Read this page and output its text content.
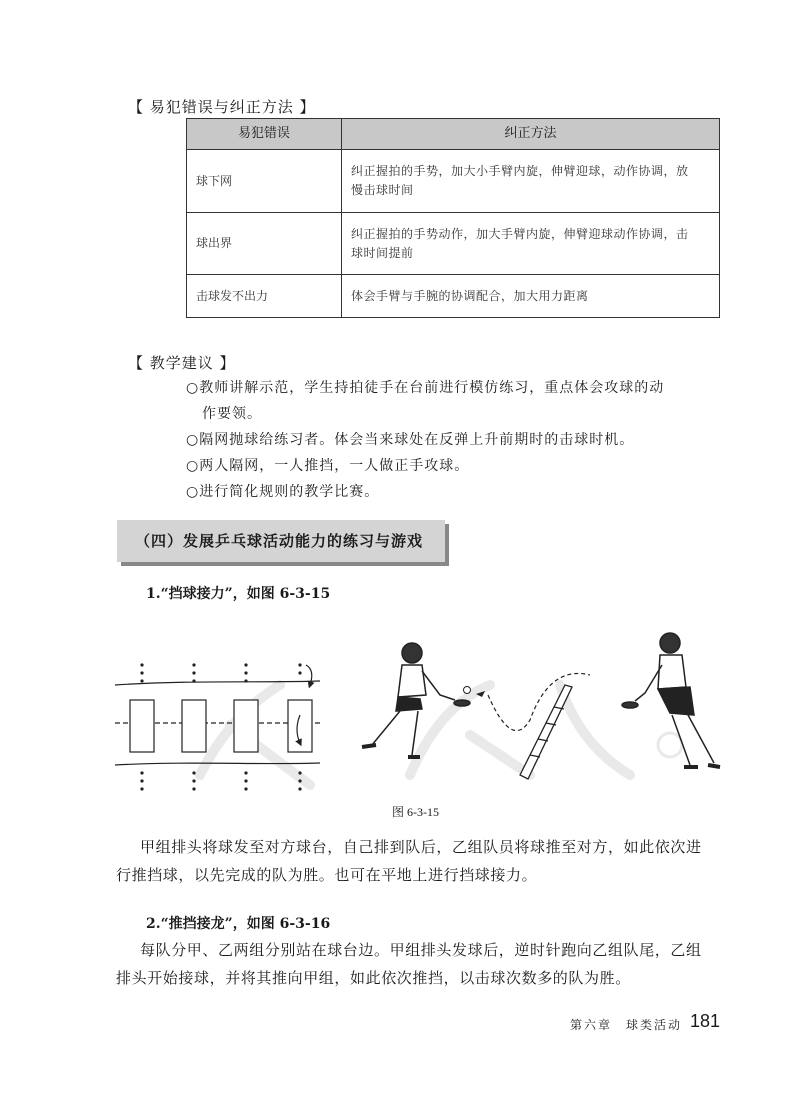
【 易犯错误与纠正方法 】
易犯错误	纠正方法
球下网	纠正握拍的手势，加大小手臂内旋，伸臂迎球，动作协调，放
慢击球时间

球出界	纠正握拍的手势动作，加大手臂内旋，伸臂迎球动作协调，击
球时间提前

击球发不出力	体会手臂与手腕的协调配合，加大用力距离
【 教学建议 】
○教师讲解示范，学生持拍徒手在台前进行模仿练习，重点体会攻球的动
作要领。
○隔网抛球给练习者。体会当来球处在反弹上升前期时的击球时机。
○两人隔网，一人推挡，一人做正手攻球。
○进行简化规则的教学比赛。
（四）发展乒乓球活动能力的练习与游戏
1.“挡球接力”，如图 6-3-15
图 6-3-15
甲组排头将球发至对方球台，自己排到队后，乙组队员将球推至对方，如此依次进
行推挡球，以先完成的队为胜。也可在平地上进行挡球接力。
2.“推挡接龙”，如图 6-3-16
每队分甲、乙两组分别站在球台边。甲组排头发球后，逆时针跑向乙组队尾，乙组
排头开始接球，并将其推向甲组，如此依次推挡，以击球次数多的队为胜。
第六章　球类活动 181
